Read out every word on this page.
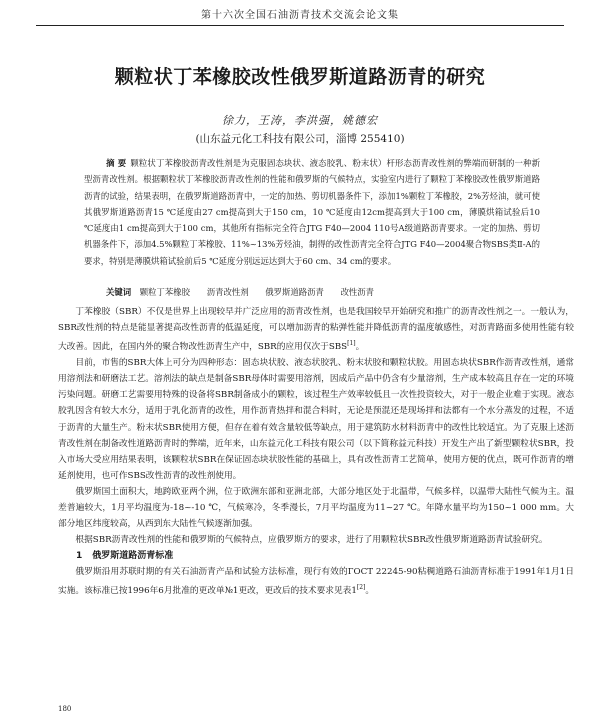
第十六次全国石油沥青技术交流会论文集
颗粒状丁苯橡胶改性俄罗斯道路沥青的研究
徐力，王涛，李洪强，姚德宏
(山东益元化工科技有限公司，淄博 255410)
摘 要 颗粒状丁苯橡胶沥青改性剂是为克服固态块状、液态胶乳、粉末状）杆形态沥青改性剂的弊端而研制的一种新型沥青改性剂。根据颗粒状丁苯橡胶沥青改性剂的性能和俄罗斯的气候特点，实验室内进行了颗粒丁苯橡胶改性俄罗斯道路沥青的试验，结果表明，在俄罗斯道路沥青中，一定的加热、剪切机器条件下，添加1%颗粒丁苯橡胶，2%芳烃油，就可使其俄罗斯道路沥青15 ℃延度由27 cm提高到大于150 cm，10 ℃延度由12cm提高到大于100 cm，薄膜烘箱试验后10 ℃延度由1 cm提高到大于100 cm，其他所有指标完全符合JTG F40—2004 110号A级道路沥青要求。一定的加热、剪切机器条件下，添加4.5%颗粒丁苯橡胶、11%~13%芳烃油，制得的改性沥青完全符合JTG F40—2004聚合物SBS类Ⅱ-A的要求，特别是薄膜烘箱试验前后5 ℃延度分别远远达到大于60 cm、34 cm的要求。
关键词 颗粒丁苯橡胶 沥青改性剂 俄罗斯道路沥青 改性沥青

丁苯橡胶（SBR）不仅是世界上出现较早并广泛应用的沥青改性剂，也是我国较早开始研究和推广的沥青改性剂之一。一般认为，SBR改性剂的特点是能显著提高改性沥青的低温延度，可以增加沥青的粘弹性能并降低沥青的温度敏感性，对沥青路面多使用性能有较大改善。因此，在国内外的聚合物改性沥青生产中，SBR的应用仅次于SBS[1]。

目前，市售的SBR大体上可分为四种形态：固态块状胶、液态状胶乳、粉末状胶和颗粒状胶。用固态块状SBR作沥青改性剂，通常用溶剂法和研磨法工艺。溶剂法的缺点是制备SBR母体时需要用溶剂，因成后产品中仍含有少量溶剂，生产成本较高且存在一定的环境污染问题。研磨工艺需要用特殊的设备将SBR制备成小的颗粒，该过程生产效率较低且一次性投资较大，对于一般企业难于实现。液态胶乳因含有较大水分，适用于乳化沥青的改性，用作沥青热拌和混合料时，无论是预混还是现场拌和法都有一个水分蒸发的过程，不适于沥青的大量生产。粉末状SBR使用方便，但存在着有效含量较低等缺点，用于建筑防水材料沥青中的改性比较适宜。为了克服上述沥青改性剂在制备改性道路沥青时的弊端，近年来，山东益元化工科技有限公司（以下简称益元科技）开发生产出了新型颗粒状SBR，投入市场大受应用结果表明，该颗粒状SBR在保证固态块状胶性能的基础上，具有改性沥青工艺简单，使用方便的优点，既可作沥青的增延剂使用，也可作SBS改性沥青的改性剂使用。

俄罗斯国土面积大，地跨欧亚两个洲，位于欧洲东部和亚洲北部，大部分地区处于北温带，气候多样，以温带大陆性气候为主。温差普遍较大，1月平均温度为-18~-10 ℃，气候寒冷，冬季漫长，7月平均温度为11~27 ℃。年降水量平均为150~1 000 mm。大部分地区纬度较高，从西到东大陆性气候逐渐加强。

根据SBR沥青改性剂的性能和俄罗斯的气候特点，应俄罗斯方的要求，进行了用颗粒状SBR改性俄罗斯道路沥青试验研究。

1 俄罗斯道路沥青标准

俄罗斯沿用苏联时期的有关石油沥青产品和试验方法标准，现行有效的ГОСТ 22245-90粘稠道路石油沥青标准于1991年1月1日实施。该标准已按1996年6月批准的更改单№1更改，更改后的技术要求见表1[2]。

180
